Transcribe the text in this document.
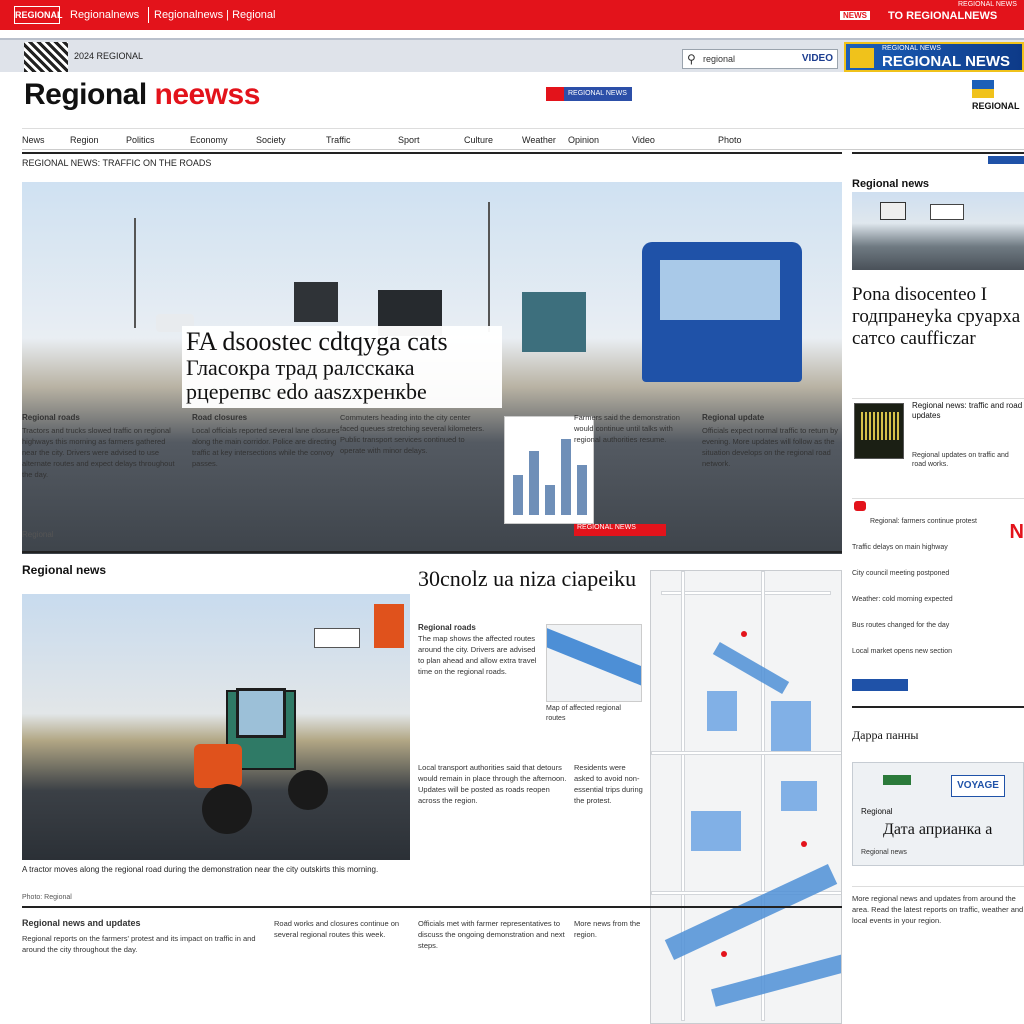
REGIONAL Regionalnews Regionalnews | Regional	NEWS TO REGIONALNEWS
REGIONAL NEWS
2024 REGIONAL	⚲ regional	VIDEO
REGIONAL NEWS
REGIONAL NEWS
Regional neewss	REGIONAL NEWS
REGIONAL
News	Region	Politics	Economy	Society	Traffic	Sport	Culture	Weather Opinion	Video	Photo
REGIONAL NEWS: TRAFFIC ON THE ROADS
FA dsoostec cdtqyga cats
Гласокра трад ралсскака
рцерепвс edo aaszxpeнкbe
Regional roads
Tractors and trucks slowed traffic on regional highways this morning as farmers gathered near the city. Drivers were advised to use alternate routes and expect delays throughout the day.
Road closures
Local officials reported several lane closures along the main corridor. Police are directing traffic at key intersections while the convoy passes.
Commuters heading into the city center faced queues stretching several kilometers. Public transport services continued to operate with minor delays.
Farmers said the demonstration would continue until talks with regional authorities resume.
REGIONAL NEWS
Regional update
Officials expect normal traffic to return by evening. More updates will follow as the situation develops on the regional road network.
Regional
Regional news
Pona disocentеo I годпранеyka срyapxa caтсo caufficzar
Regional news: traffic and road updates
Regional updates on traffic and road works.
N
Regional: farmers continue protest
Traffic delays on main highway
City council meeting postponed
Weather: cold morning expected
Bus routes changed for the day
Local market opens new section
Regional news
A tractor moves along the regional road during the demonstration near the city outskirts this morning.
Photo: Regional
30cnolz ua niza ciapeiku
Regional roads
The map shows the affected routes around the city. Drivers are advised to plan ahead and allow extra travel time on the regional roads.
Map of affected regional routes
Local transport authorities said that detours would remain in place through the afternoon. Updates will be posted as roads reopen across the region.
Residents were asked to avoid non-essential trips during the protest.
Дарра пaнны
VOYAGE
Regional
Дата априанка а
Regional news
More regional news and updates from around the area. Read the latest reports on traffic, weather and local events in your region.
Regional news and updates
Regional reports on the farmers' protest and its impact on traffic in and around the city throughout the day.
Road works and closures continue on several regional routes this week.
Officials met with farmer representatives to discuss the ongoing demonstration and next steps.
More news from the region.
